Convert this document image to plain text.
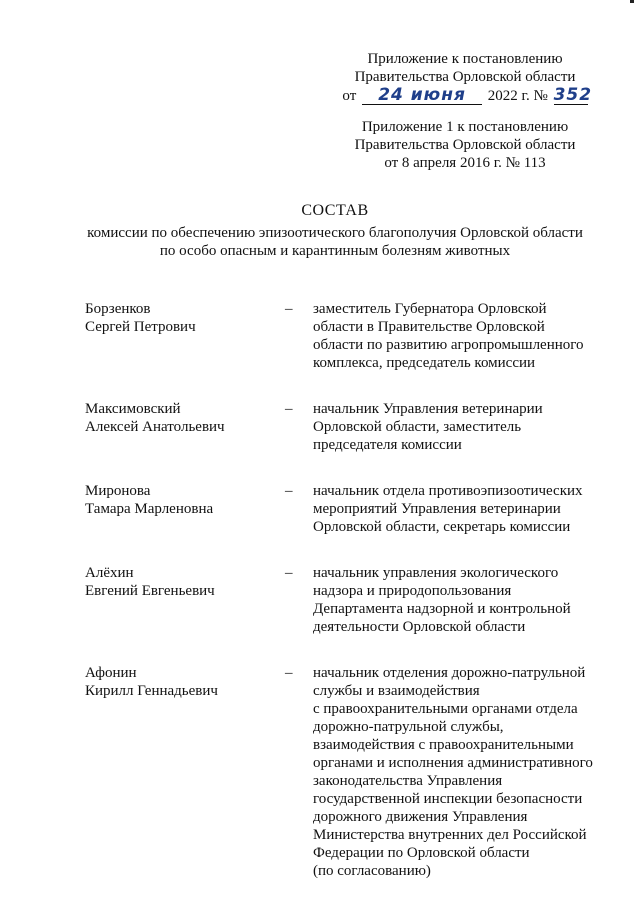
Приложение к постановлению
Правительства Орловской области
от 24 июня 2022 г. № 352
Приложение 1 к постановлению
Правительства Орловской области
от 8 апреля 2016 г. № 113
СОСТАВ
комиссии по обеспечению эпизоотического благополучия Орловской области
по особо опасным и карантинным болезням животных
Борзенков
Сергей Петрович
–	заместитель Губернатора Орловской
области в Правительстве Орловской
области по развитию агропромышленного
комплекса, председатель комиссии
Максимовский
Алексей Анатольевич
–	начальник Управления ветеринарии
Орловской области, заместитель
председателя комиссии
Миронова
Тамара Марленовна
–	начальник отдела противоэпизоотических
мероприятий Управления ветеринарии
Орловской области, секретарь комиссии
Алёхин
Евгений Евгеньевич
–	начальник управления экологического
надзора и природопользования
Департамента надзорной и контрольной
деятельности Орловской области
Афонин
Кирилл Геннадьевич
–	начальник отделения дорожно-патрульной
службы и взаимодействия
с правоохранительными органами отдела
дорожно-патрульной службы,
взаимодействия с правоохранительными
органами и исполнения административного
законодательства Управления
государственной инспекции безопасности
дорожного движения Управления
Министерства внутренних дел Российской
Федерации по Орловской области
(по согласованию)
